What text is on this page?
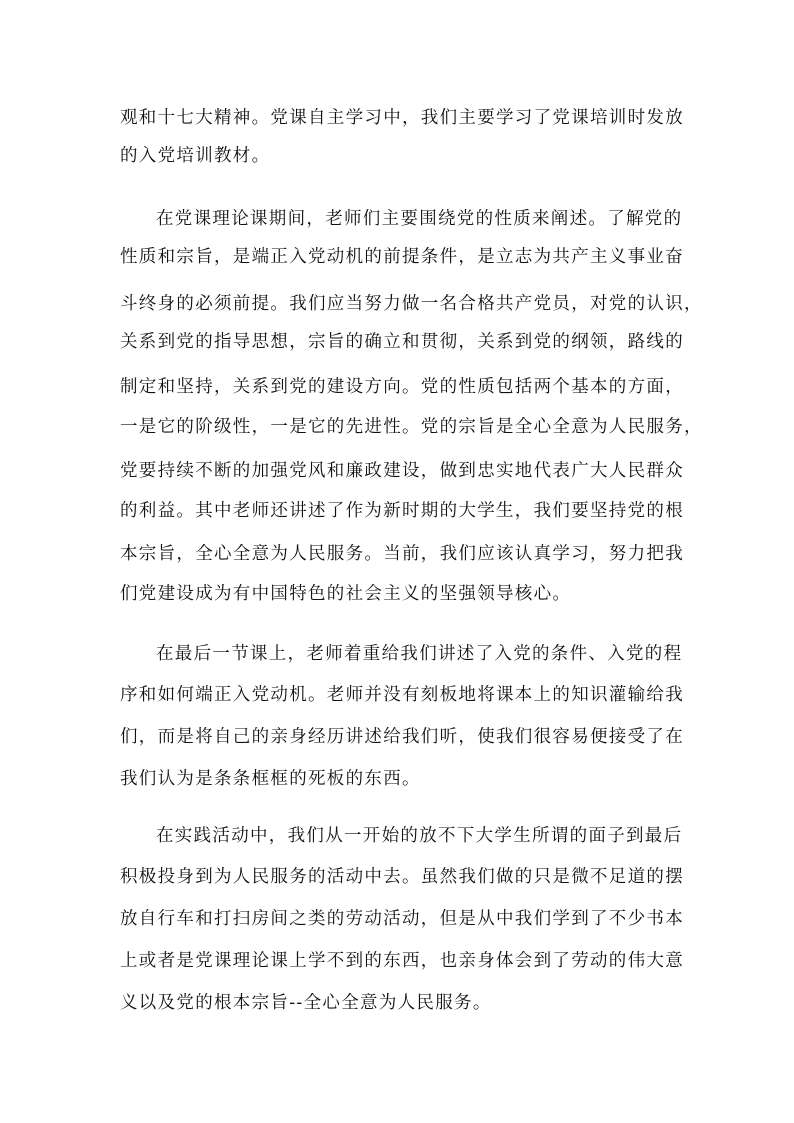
观和十七大精神。党课自主学习中，我们主要学习了党课培训时发放
的入党培训教材。
在党课理论课期间，老师们主要围绕党的性质来阐述。了解党的
性质和宗旨，是端正入党动机的前提条件，是立志为共产主义事业奋
斗终身的必须前提。我们应当努力做一名合格共产党员，对党的认识，
关系到党的指导思想，宗旨的确立和贯彻，关系到党的纲领，路线的
制定和坚持，关系到党的建设方向。党的性质包括两个基本的方面，
一是它的阶级性，一是它的先进性。党的宗旨是全心全意为人民服务，
党要持续不断的加强党风和廉政建设，做到忠实地代表广大人民群众
的利益。其中老师还讲述了作为新时期的大学生，我们要坚持党的根
本宗旨，全心全意为人民服务。当前，我们应该认真学习，努力把我
们党建设成为有中国特色的社会主义的坚强领导核心。
在最后一节课上，老师着重给我们讲述了入党的条件、入党的程
序和如何端正入党动机。老师并没有刻板地将课本上的知识灌输给我
们，而是将自己的亲身经历讲述给我们听，使我们很容易便接受了在
我们认为是条条框框的死板的东西。
在实践活动中，我们从一开始的放不下大学生所谓的面子到最后
积极投身到为人民服务的活动中去。虽然我们做的只是微不足道的摆
放自行车和打扫房间之类的劳动活动，但是从中我们学到了不少书本
上或者是党课理论课上学不到的东西，也亲身体会到了劳动的伟大意
义以及党的根本宗旨--全心全意为人民服务。
